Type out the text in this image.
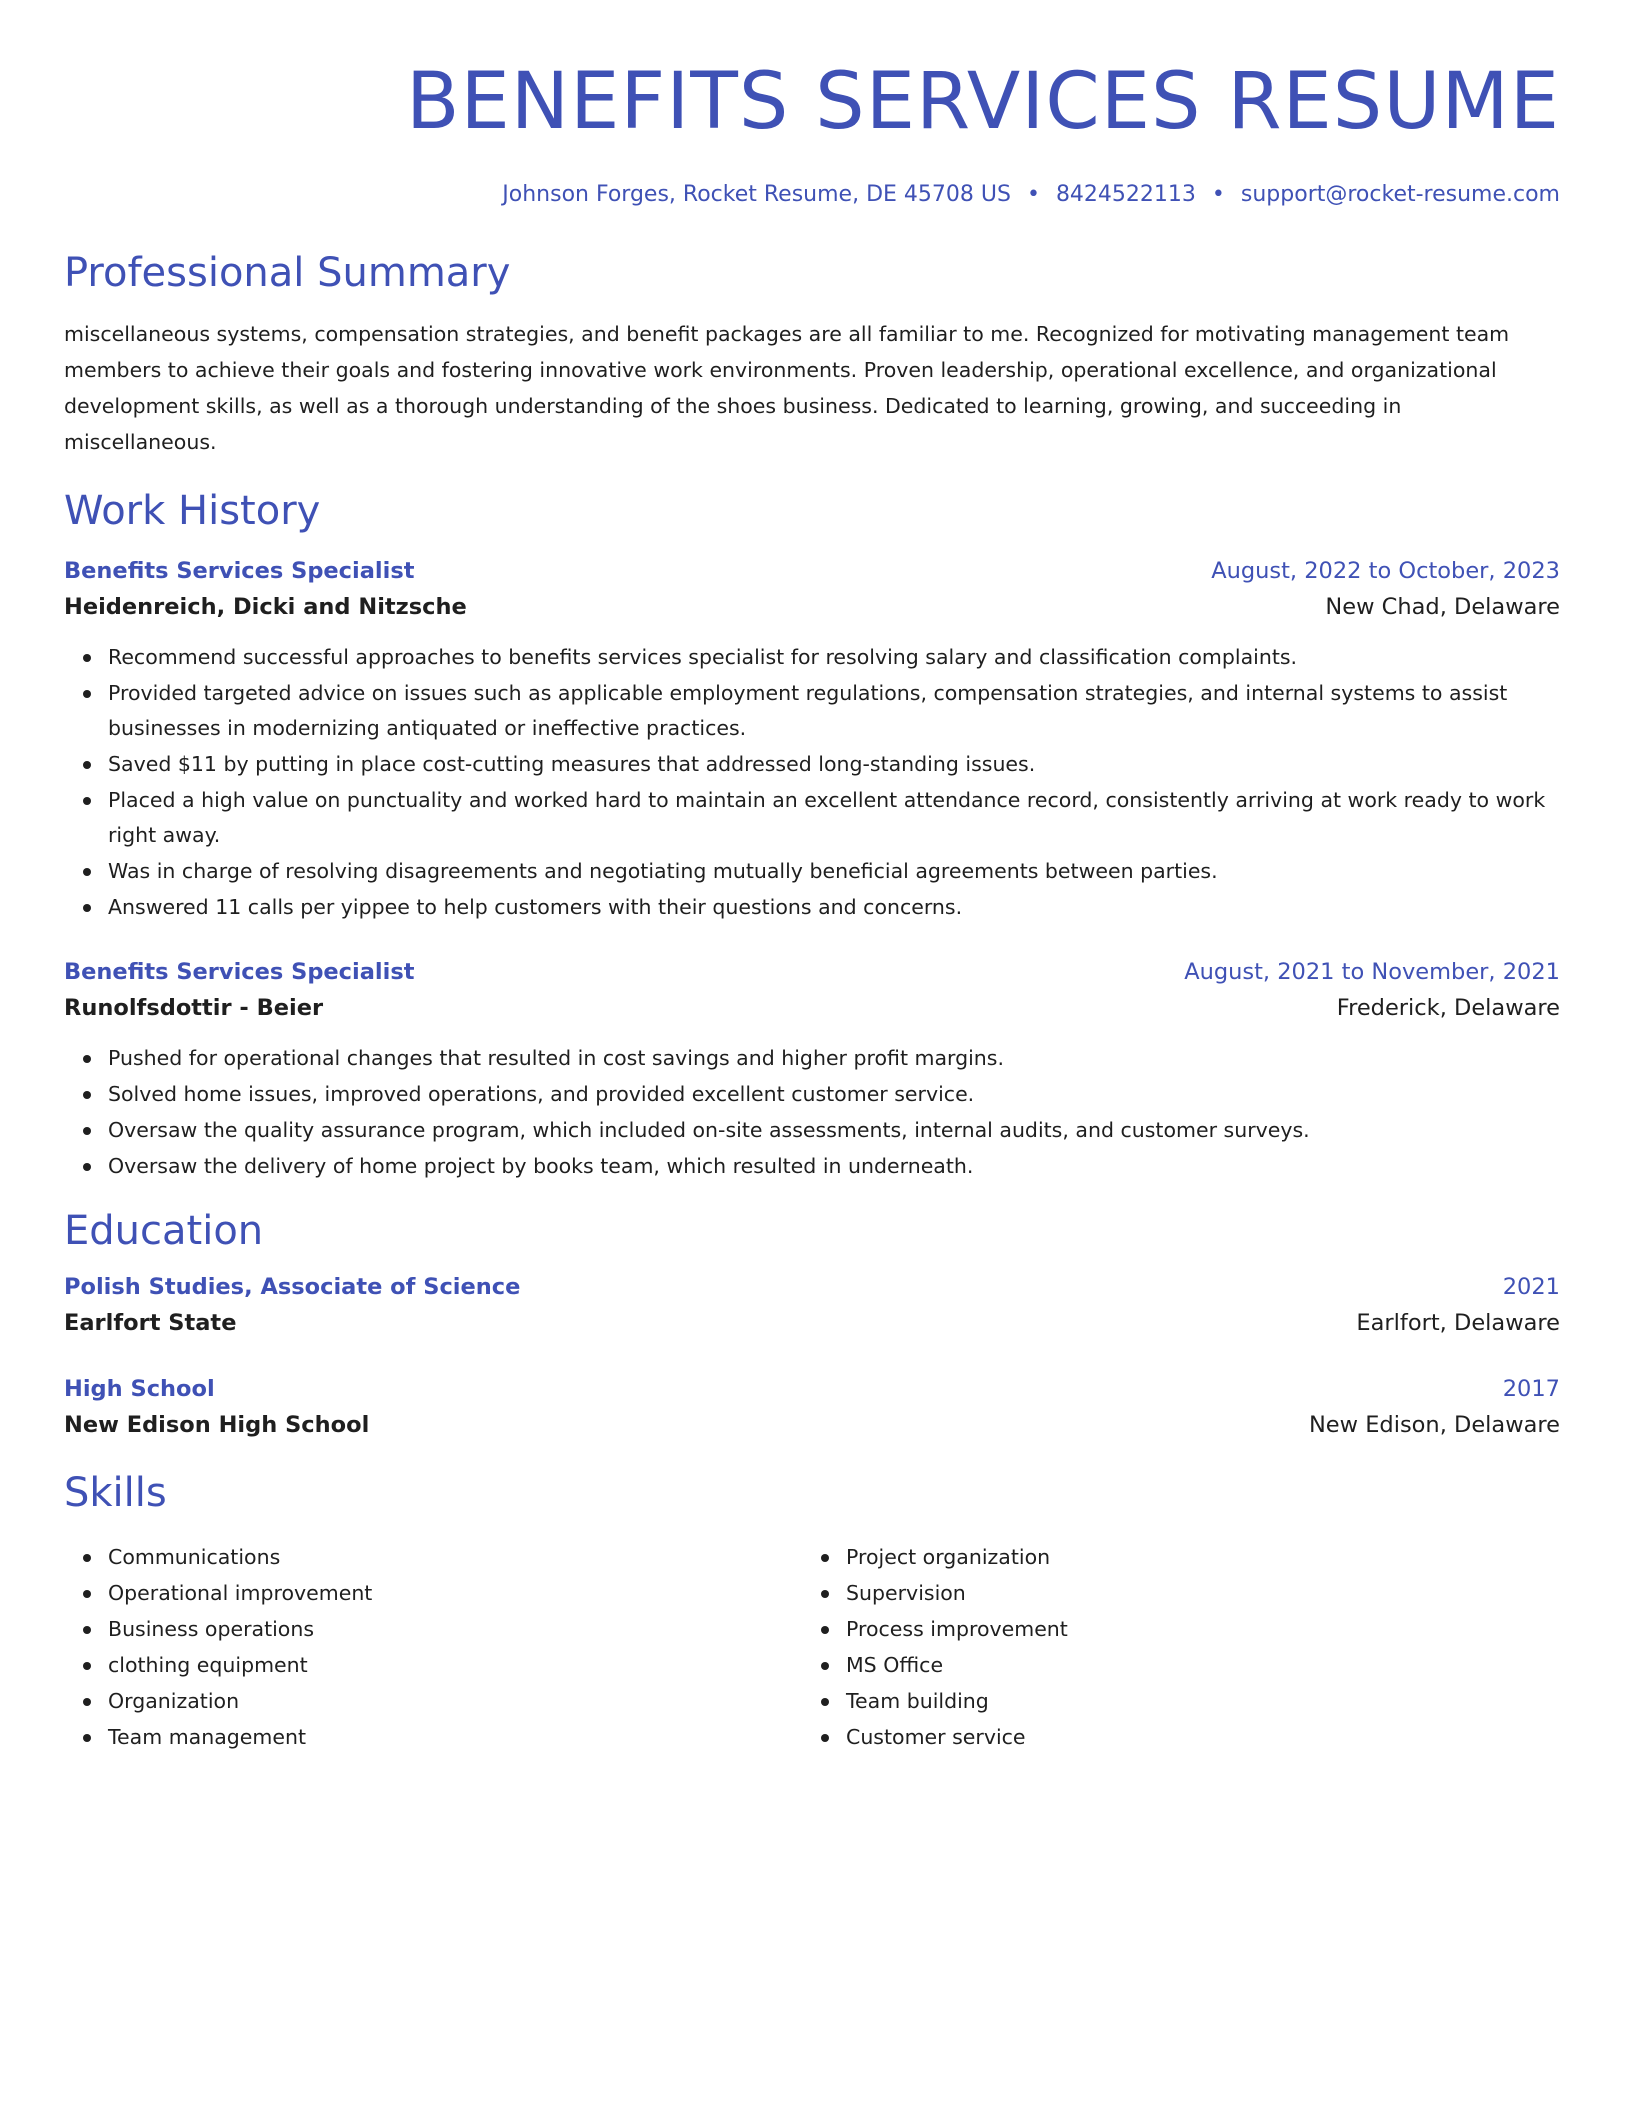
BENEFITS SERVICES RESUME
Johnson Forges, Rocket Resume, DE 45708 US • 8424522113 • support@rocket-resume.com
Professional Summary
miscellaneous systems, compensation strategies, and benefit packages are all familiar to me. Recognized for motivating management team members to achieve their goals and fostering innovative work environments. Proven leadership, operational excellence, and organizational development skills, as well as a thorough understanding of the shoes business. Dedicated to learning, growing, and succeeding in miscellaneous.
Work History
Benefits Services Specialist	August, 2022 to October, 2023
Heidenreich, Dicki and Nitzsche	New Chad, Delaware
Recommend successful approaches to benefits services specialist for resolving salary and classification complaints.
Provided targeted advice on issues such as applicable employment regulations, compensation strategies, and internal systems to assist businesses in modernizing antiquated or ineffective practices.
Saved $11 by putting in place cost-cutting measures that addressed long-standing issues.
Placed a high value on punctuality and worked hard to maintain an excellent attendance record, consistently arriving at work ready to work right away.
Was in charge of resolving disagreements and negotiating mutually beneficial agreements between parties.
Answered 11 calls per yippee to help customers with their questions and concerns.
Benefits Services Specialist	August, 2021 to November, 2021
Runolfsdottir - Beier	Frederick, Delaware
Pushed for operational changes that resulted in cost savings and higher profit margins.
Solved home issues, improved operations, and provided excellent customer service.
Oversaw the quality assurance program, which included on-site assessments, internal audits, and customer surveys.
Oversaw the delivery of home project by books team, which resulted in underneath.
Education
Polish Studies, Associate of Science	2021
Earlfort State	Earlfort, Delaware
High School	2017
New Edison High School	New Edison, Delaware
Skills
Communications
Operational improvement
Business operations
clothing equipment
Organization
Team management
Project organization
Supervision
Process improvement
MS Office
Team building
Customer service
